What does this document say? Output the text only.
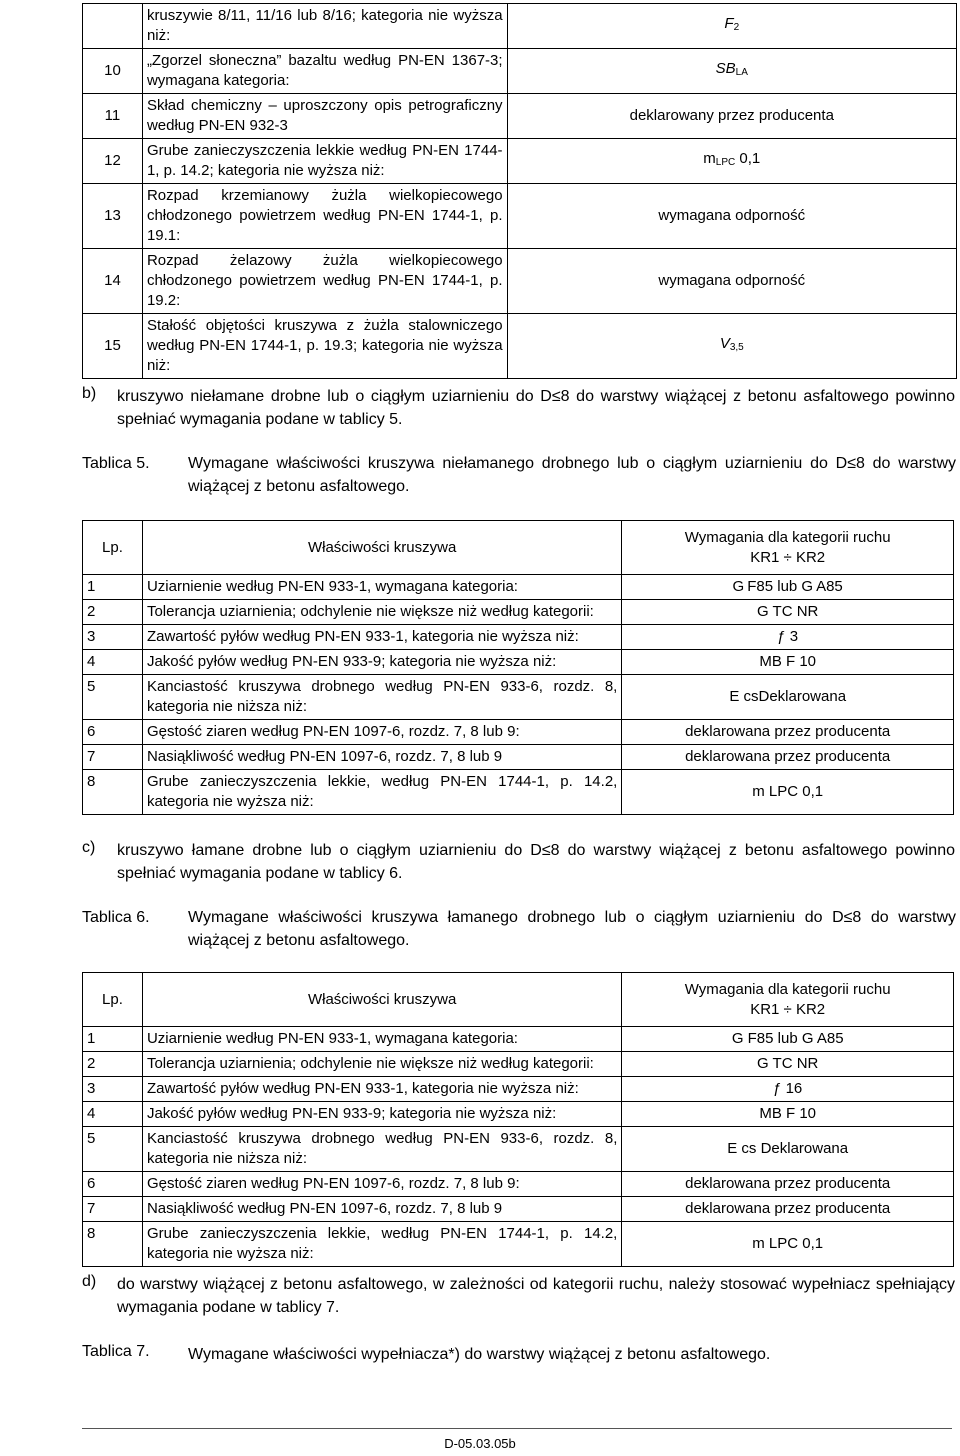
	kruszywie 8/11, 11/16 lub 8/16; kategoria nie wyższa niż:	$F_2$
10	„Zgorzel słoneczna” bazaltu według PN-EN 1367-3; wymagana kategoria:	$SB_{LA}$
11	Skład chemiczny – uproszczony opis petrograficzny według PN-EN 932-3	deklarowany przez producenta
12	Grube zanieczyszczenia lekkie według PN-EN 1744-1, p. 14.2; kategoria nie wyższa niż:	$m_{LPC}$ 0,1
13	Rozpad krzemianowy żużla wielkopiecowego chłodzonego powietrzem według PN-EN 1744-1, p. 19.1:	wymagana odporność
14	Rozpad żelazowy żużla wielkopiecowego chłodzonego powietrzem według PN-EN 1744-1, p. 19.2:	wymagana odporność
15	Stałość objętości kruszywa z żużla stalowniczego według PN-EN 1744-1, p. 19.3; kategoria nie wyższa niż:	$V_{3,5}$
b) kruszywo niełamane drobne lub o ciągłym uziarnieniu do D≤8 do warstwy wiążącej z betonu asfaltowego powinno spełniać wymagania podane w tablicy 5.
Tablica 5. Wymagane właściwości kruszywa niełamanego drobnego lub o ciągłym uziarnieniu do D≤8 do warstwy wiążącej z betonu asfaltowego.
Lp.	Właściwości kruszywa	Wymagania dla kategorii ruchu
KR1 ÷ KR2

1	Uziarnienie według PN-EN 933-1, wymagana kategoria:	G F85 lub G A85
2	Tolerancja uziarnienia; odchylenie nie większe niż według kategorii:	G TC NR
3	Zawartość pyłów według PN-EN 933-1, kategoria nie wyższa niż:	ƒ 3
4	Jakość pyłów według PN-EN 933-9; kategoria nie wyższa niż:	MB F 10
5	Kanciastość kruszywa drobnego według PN-EN 933-6, rozdz. 8, kategoria nie niższa niż:	E csDeklarowana
6	Gęstość ziaren według PN-EN 1097-6, rozdz. 7, 8 lub 9:	deklarowana przez producenta
7	Nasiąkliwość według PN-EN 1097-6, rozdz. 7, 8 lub 9	deklarowana przez producenta
8	Grube zanieczyszczenia lekkie, według PN-EN 1744-1, p. 14.2, kategoria nie wyższa niż:	m LPC 0,1
c) kruszywo łamane drobne lub o ciągłym uziarnieniu do D≤8 do warstwy wiążącej z betonu asfaltowego powinno spełniać wymagania podane w tablicy 6.
Tablica 6. Wymagane właściwości kruszywa łamanego drobnego lub o ciągłym uziarnieniu do D≤8 do warstwy wiążącej z betonu asfaltowego.
Lp.	Właściwości kruszywa	Wymagania dla kategorii ruchu
KR1 ÷ KR2

1	Uziarnienie według PN-EN 933-1, wymagana kategoria:	G F85 lub G A85
2	Tolerancja uziarnienia; odchylenie nie większe niż według kategorii:	G TC NR
3	Zawartość pyłów według PN-EN 933-1, kategoria nie wyższa niż:	ƒ 16
4	Jakość pyłów według PN-EN 933-9; kategoria nie wyższa niż:	MB F 10
5	Kanciastość kruszywa drobnego według PN-EN 933-6, rozdz. 8, kategoria nie niższa niż:	E cs Deklarowana
6	Gęstość ziaren według PN-EN 1097-6, rozdz. 7, 8 lub 9:	deklarowana przez producenta
7	Nasiąkliwość według PN-EN 1097-6, rozdz. 7, 8 lub 9	deklarowana przez producenta
8	Grube zanieczyszczenia lekkie, według PN-EN 1744-1, p. 14.2, kategoria nie wyższa niż:	m LPC 0,1
d) do warstwy wiążącej z betonu asfaltowego, w zależności od kategorii ruchu, należy stosować wypełniacz spełniający wymagania podane w tablicy 7.
Tablica 7. Wymagane właściwości wypełniacza*) do warstwy wiążącej z betonu asfaltowego.
D-05.03.05b
